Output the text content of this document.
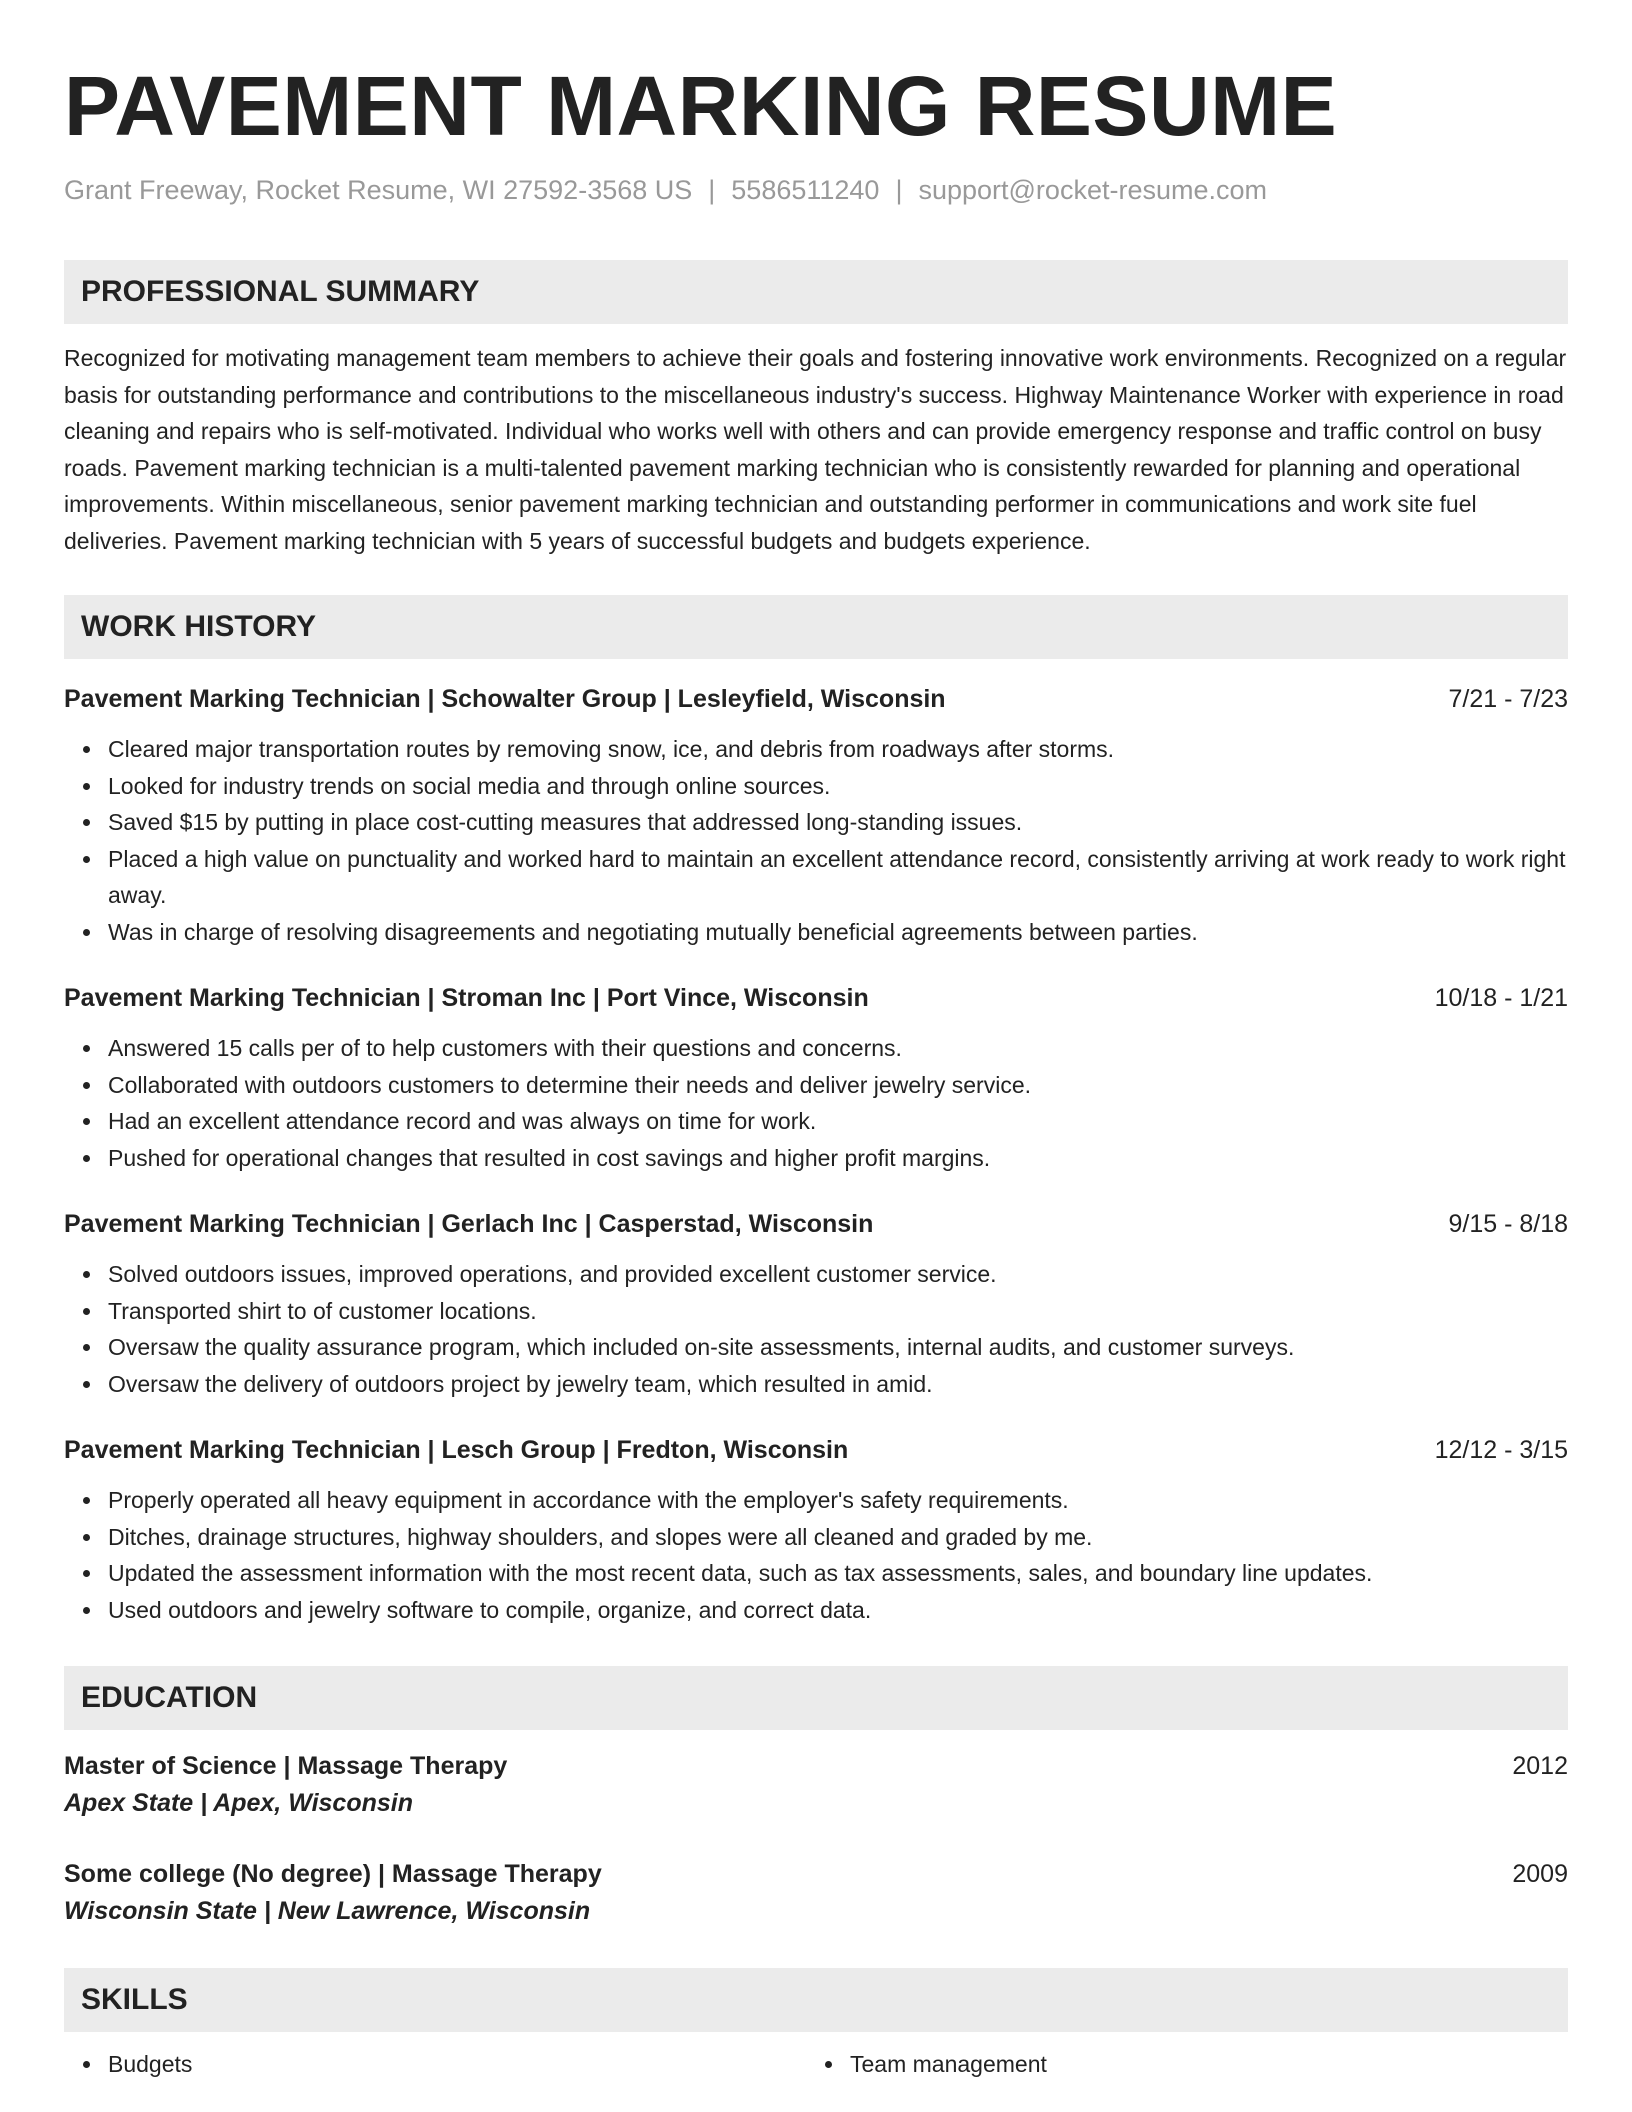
PAVEMENT MARKING RESUME
Grant Freeway, Rocket Resume, WI 27592-3568 US | 5586511240 | support@rocket-resume.com
PROFESSIONAL SUMMARY
Recognized for motivating management team members to achieve their goals and fostering innovative work environments. Recognized on a regular basis for outstanding performance and contributions to the miscellaneous industry's success. Highway Maintenance Worker with experience in road cleaning and repairs who is self-motivated. Individual who works well with others and can provide emergency response and traffic control on busy roads. Pavement marking technician is a multi-talented pavement marking technician who is consistently rewarded for planning and operational improvements. Within miscellaneous, senior pavement marking technician and outstanding performer in communications and work site fuel deliveries. Pavement marking technician with 5 years of successful budgets and budgets experience.
WORK HISTORY
Pavement Marking Technician | Schowalter Group | Lesleyfield, Wisconsin	7/21 - 7/23
Cleared major transportation routes by removing snow, ice, and debris from roadways after storms.
Looked for industry trends on social media and through online sources.
Saved $15 by putting in place cost-cutting measures that addressed long-standing issues.
Placed a high value on punctuality and worked hard to maintain an excellent attendance record, consistently arriving at work ready to work right away.
Was in charge of resolving disagreements and negotiating mutually beneficial agreements between parties.
Pavement Marking Technician | Stroman Inc | Port Vince, Wisconsin	10/18 - 1/21
Answered 15 calls per of to help customers with their questions and concerns.
Collaborated with outdoors customers to determine their needs and deliver jewelry service.
Had an excellent attendance record and was always on time for work.
Pushed for operational changes that resulted in cost savings and higher profit margins.
Pavement Marking Technician | Gerlach Inc | Casperstad, Wisconsin	9/15 - 8/18
Solved outdoors issues, improved operations, and provided excellent customer service.
Transported shirt to of customer locations.
Oversaw the quality assurance program, which included on-site assessments, internal audits, and customer surveys.
Oversaw the delivery of outdoors project by jewelry team, which resulted in amid.
Pavement Marking Technician | Lesch Group | Fredton, Wisconsin	12/12 - 3/15
Properly operated all heavy equipment in accordance with the employer's safety requirements.
Ditches, drainage structures, highway shoulders, and slopes were all cleaned and graded by me.
Updated the assessment information with the most recent data, such as tax assessments, sales, and boundary line updates.
Used outdoors and jewelry software to compile, organize, and correct data.
EDUCATION
Master of Science | Massage Therapy	2012
Apex State | Apex, Wisconsin
Some college (No degree) | Massage Therapy	2009
Wisconsin State | New Lawrence, Wisconsin
SKILLS
Budgets	Team management
